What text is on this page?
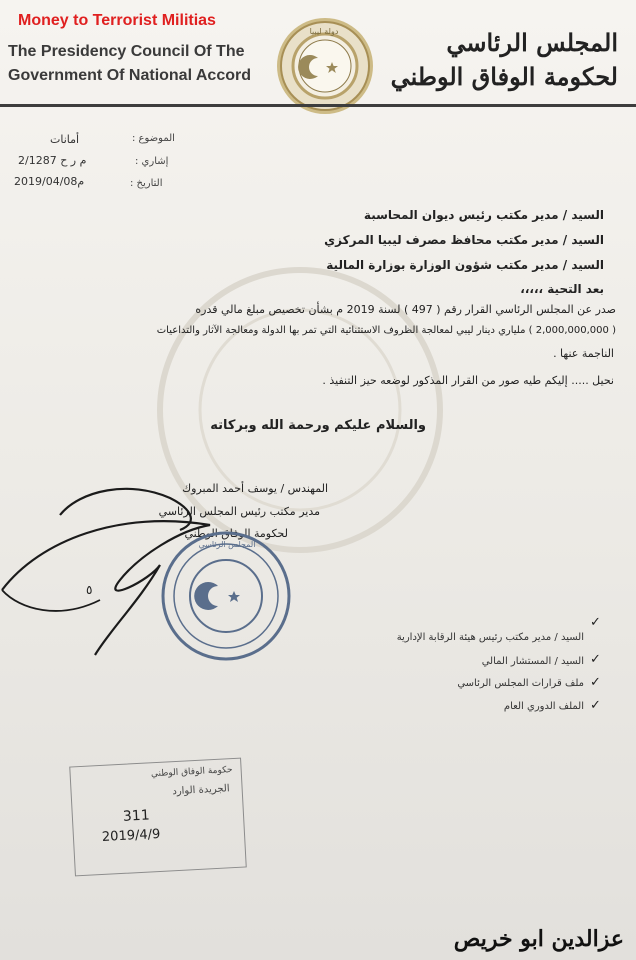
Money to Terrorist Militias
The Presidency Council Of The
Government Of National Accord
دولة ليبيا	المجلس الرئاسي
لحكومة الوفاق الوطني
الموضوع :
أمانات
إشاري :
2/1287 م ر ح
التاريخ :
2019/04/08م
السيد / مدير مكتب رئيس ديوان المحاسبة
السيد / مدير مكتب محافظ مصرف ليبيا المركزي
السيد / مدير مكتب شؤون الوزارة بوزارة المالية
بعد التحية ،،،،،
صدر عن المجلس الرئاسي القرار رقم ( 497 ) لسنة 2019 م بشأن تخصيص مبلغ مالي قدره
( 2,000,000,000 ) ملياري دينار ليبي لمعالجة الظروف الاستثنائية التي تمر بها الدولة ومعالجة الآثار والتداعيات
الناجمة عنها .
نحيل ..... إليكم طيه صور من القرار المذكور لوضعه حيز التنفيذ .
والسلام عليكم ورحمة الله وبركاته
المهندس / يوسف أحمد المبروك
مدير مكتب رئيس المجلس الرئاسي
لحكومة الوفاق الوطني
٥
المجلس الرئاسي
✓
السيد / مدير مكتب رئيس هيئة الرقابة الإدارية
✓
السيد / المستشار المالي
✓
ملف قرارات المجلس الرئاسي
✓
الملف الدوري العام
حكومة الوفاق الوطني
الجريدة الوارد
311
2019/4/9
عزالدين ابو خريص
